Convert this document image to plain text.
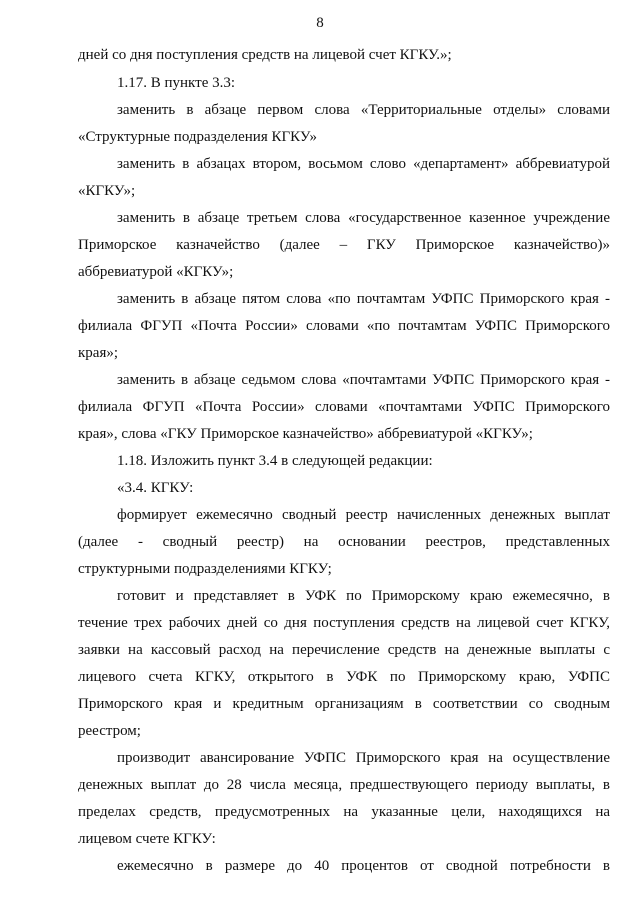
8
дней со дня поступления средств на лицевой счет КГКУ.»;
1.17. В пункте 3.3:
заменить в абзаце первом слова «Территориальные отделы» словами
«Структурные подразделения КГКУ»
заменить в абзацах втором, восьмом слово «департамент» аббревиатурой
«КГКУ»;
заменить в абзаце третьем слова «государственное казенное учреждение
Приморское казначейство (далее – ГКУ Приморское казначейство)»
аббревиатурой «КГКУ»;
заменить в абзаце пятом слова «по почтамтам УФПС Приморского края -
филиала ФГУП «Почта России» словами «по почтамтам УФПС Приморского
края»;
заменить в абзаце седьмом слова «почтамтами УФПС Приморского края -
филиала ФГУП «Почта России» словами «почтамтами УФПС Приморского
края», слова «ГКУ Приморское казначейство» аббревиатурой «КГКУ»;
1.18. Изложить пункт 3.4 в следующей редакции:
«3.4. КГКУ:
формирует ежемесячно сводный реестр начисленных денежных выплат
(далее - сводный реестр) на основании реестров, представленных
структурными подразделениями КГКУ;
готовит и представляет в УФК по Приморскому краю ежемесячно, в
течение трех рабочих дней со дня поступления средств на лицевой счет КГКУ,
заявки на кассовый расход на перечисление средств на денежные выплаты с
лицевого счета КГКУ, открытого в УФК по Приморскому краю, УФПС
Приморского края и кредитным организациям в соответствии со сводным
реестром;
производит авансирование УФПС Приморского края на осуществление
денежных выплат до 28 числа месяца, предшествующего периоду выплаты, в
пределах средств, предусмотренных на указанные цели, находящихся на
лицевом счете КГКУ:
ежемесячно в размере до 40 процентов от сводной потребности в
